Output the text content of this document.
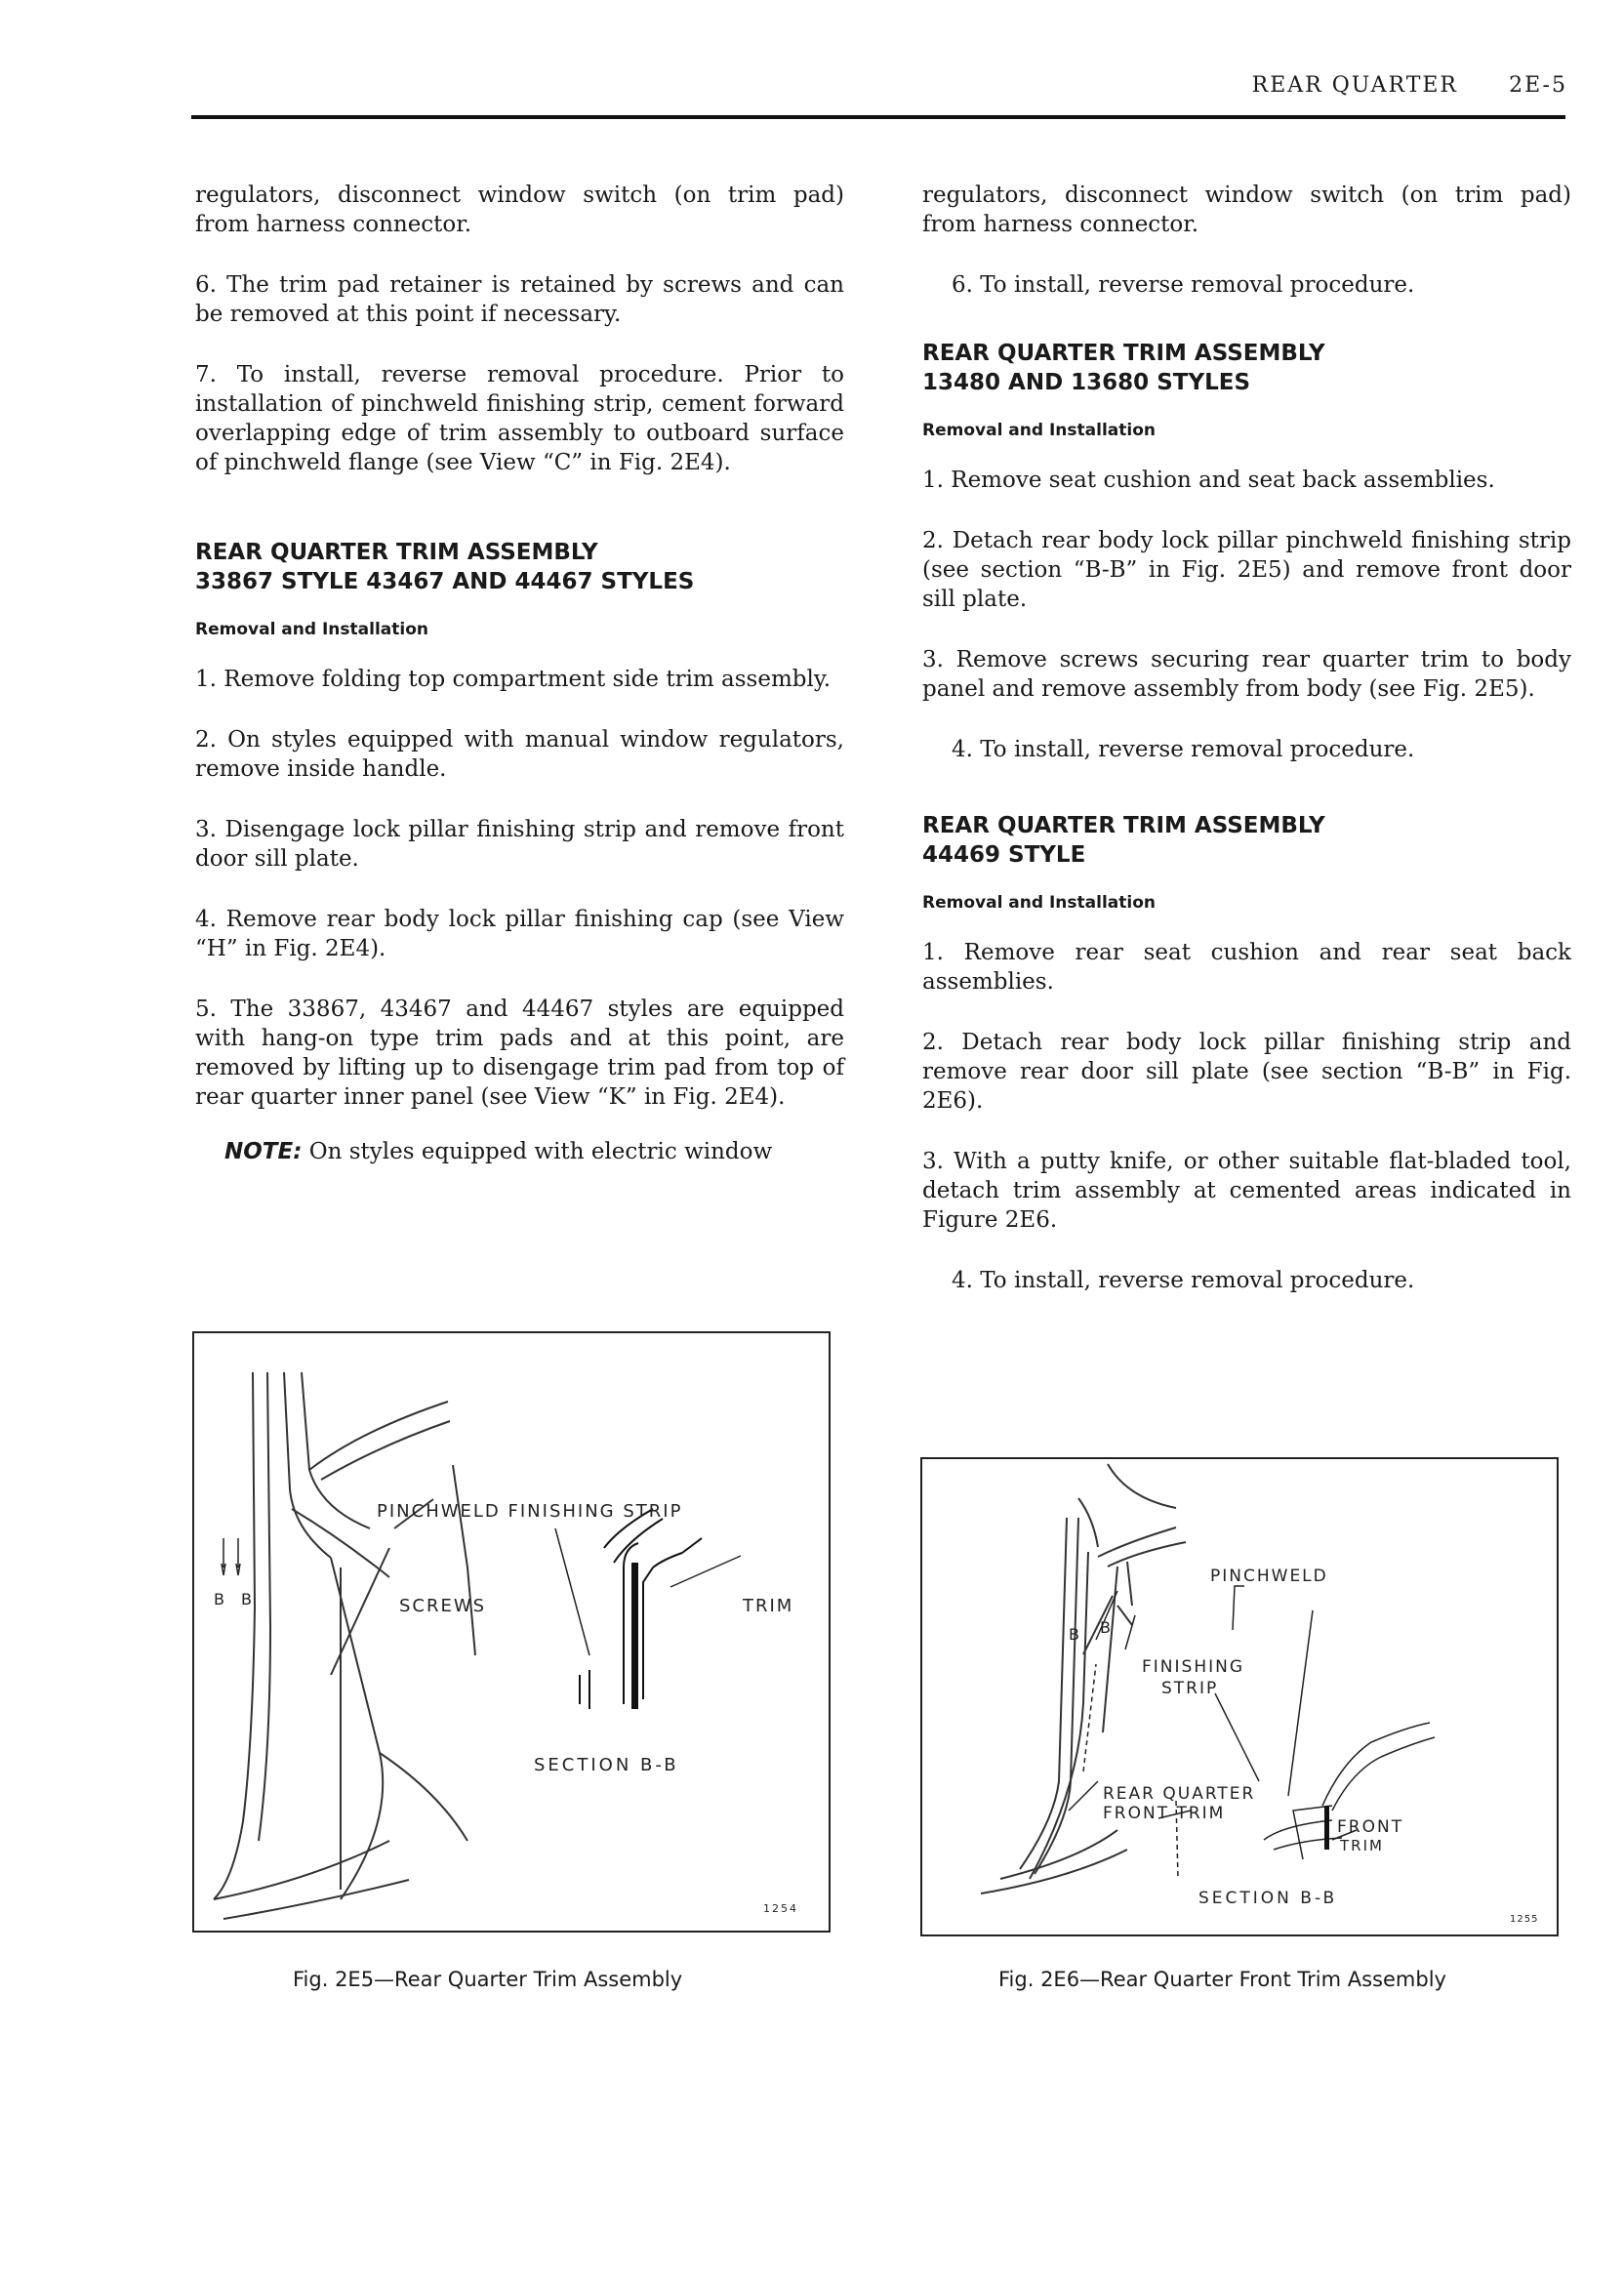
REAR QUARTER 2E-5

regulators, disconnect window switch (on trim pad) from harness connector.

6. The trim pad retainer is retained by screws and can be removed at this point if necessary.

7. To install, reverse removal procedure. Prior to installation of pinchweld finishing strip, cement forward overlapping edge of trim assembly to outboard surface of pinchweld flange (see View “C” in Fig. 2E4).

REAR QUARTER TRIM ASSEMBLY
33867 STYLE 43467 AND 44467 STYLES
Removal and Installation

1. Remove folding top compartment side trim assembly.

2. On styles equipped with manual window regulators, remove inside handle.

3. Disengage lock pillar finishing strip and remove front door sill plate.

4. Remove rear body lock pillar finishing cap (see View “H” in Fig. 2E4).

5. The 33867, 43467 and 44467 styles are equipped with hang-on type trim pads and at this point, are removed by lifting up to disengage trim pad from top of rear quarter inner panel (see View “K” in Fig. 2E4).

NOTE: On styles equipped with electric window

regulators, disconnect window switch (on trim pad) from harness connector.

6. To install, reverse removal procedure.

REAR QUARTER TRIM ASSEMBLY
13480 AND 13680 STYLES
Removal and Installation

1. Remove seat cushion and seat back assemblies.

2. Detach rear body lock pillar pinchweld finishing strip (see section “B-B” in Fig. 2E5) and remove front door sill plate.

3. Remove screws securing rear quarter trim to body panel and remove assembly from body (see Fig. 2E5).

4. To install, reverse removal procedure.

REAR QUARTER TRIM ASSEMBLY
44469 STYLE
Removal and Installation

1. Remove rear seat cushion and rear seat back assemblies.

2. Detach rear body lock pillar finishing strip and remove rear door sill plate (see section “B-B” in Fig. 2E6).

3. With a putty knife, or other suitable flat-bladed tool, detach trim assembly at cemented areas indicated in Figure 2E6.

4. To install, reverse removal procedure.

PINCHWELD FINISHING STRIP
SCREWS	TRIM
SECTION B-B
B B
1254
Fig. 2E5—Rear Quarter Trim Assembly
PINCHWELD
FINISHING
STRIP
REAR QUARTER
FRONT TRIM
FRONT
TRIM
SECTION B-B
B B
1255
Fig. 2E6—Rear Quarter Front Trim Assembly
